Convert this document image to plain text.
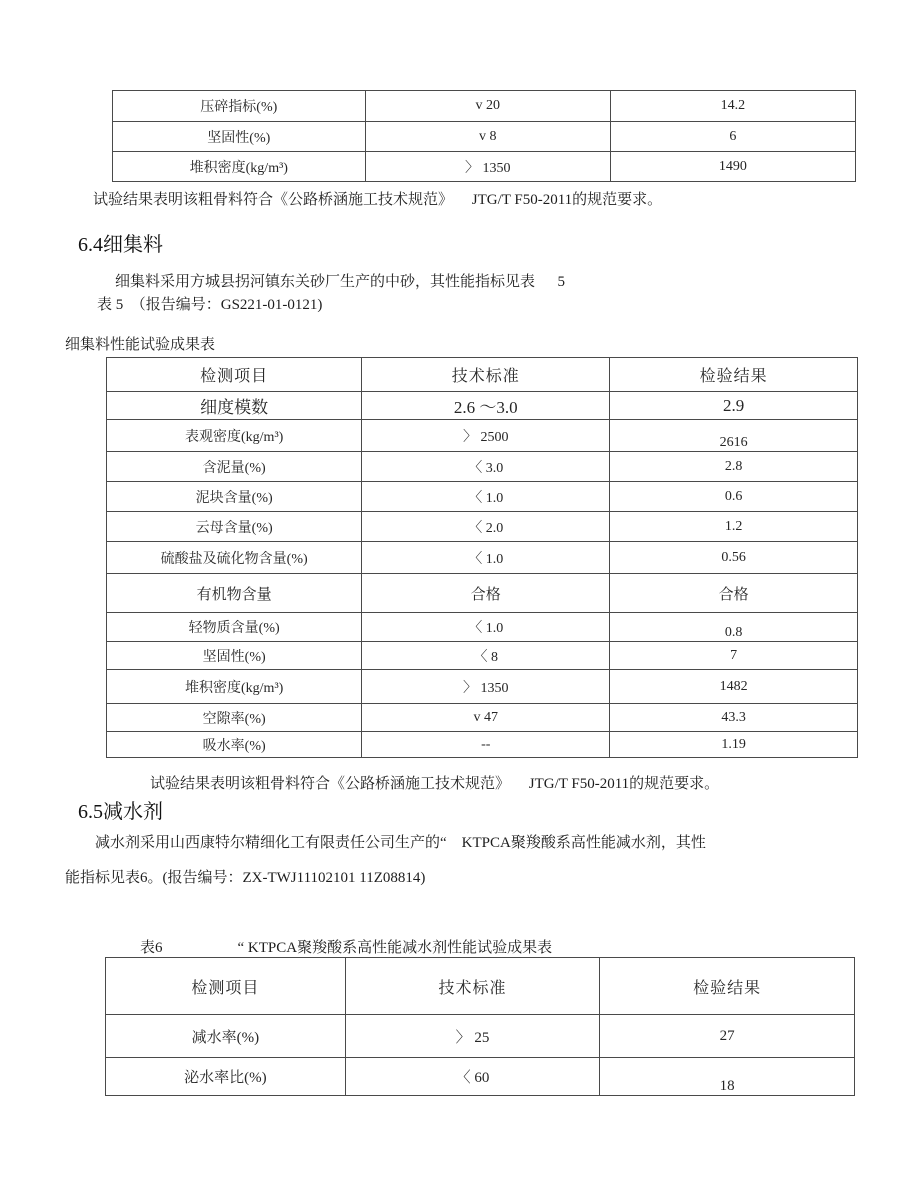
压碎指标(%)	v 20	14.2
坚固性(%)	v 8	6
堆积密度(kg/m³)	〉 1350	1490
试验结果表明该粗骨料符合《公路桥涵施工技术规范》     JTG/T F50-2011的规范要求。
6.4细集料
细集料采用方城县拐河镇东关砂厂生产的中砂，其性能指标见表      5
表 5  （报告编号：GS221-01-0121)
细集料性能试验成果表
检测项目	技术标准	检验结果
细度模数	2.6 ～3.0	2.9
表观密度(kg/m³)	〉 2500	2616
含泥量(%)	〈 3.0	2.8
泥块含量(%)	〈 1.0	0.6
云母含量(%)	〈 2.0	1.2
硫酸盐及硫化物含量(%)	〈 1.0	0.56
有机物含量	合格	合格
轻物质含量(%)	〈 1.0	0.8
坚固性(%)	〈 8	7
堆积密度(kg/m³)	〉 1350	1482
空隙率(%)	v 47	43.3
吸水率(%)	--	1.19
试验结果表明该粗骨料符合《公路桥涵施工技术规范》     JTG/T F50-2011的规范要求。
6.5减水剂
减水剂采用山西康特尔精细化工有限责任公司生产的“    KTPCA聚羧酸系高性能减水剂，其性
能指标见表6。(报告编号：ZX-TWJ11102101 11Z08814)
表6                    “ KTPCA聚羧酸系高性能减水剂性能试验成果表
检测项目	技术标准	检验结果
减水率(%)	〉 25	27
泌水率比(%)	〈 60	18
